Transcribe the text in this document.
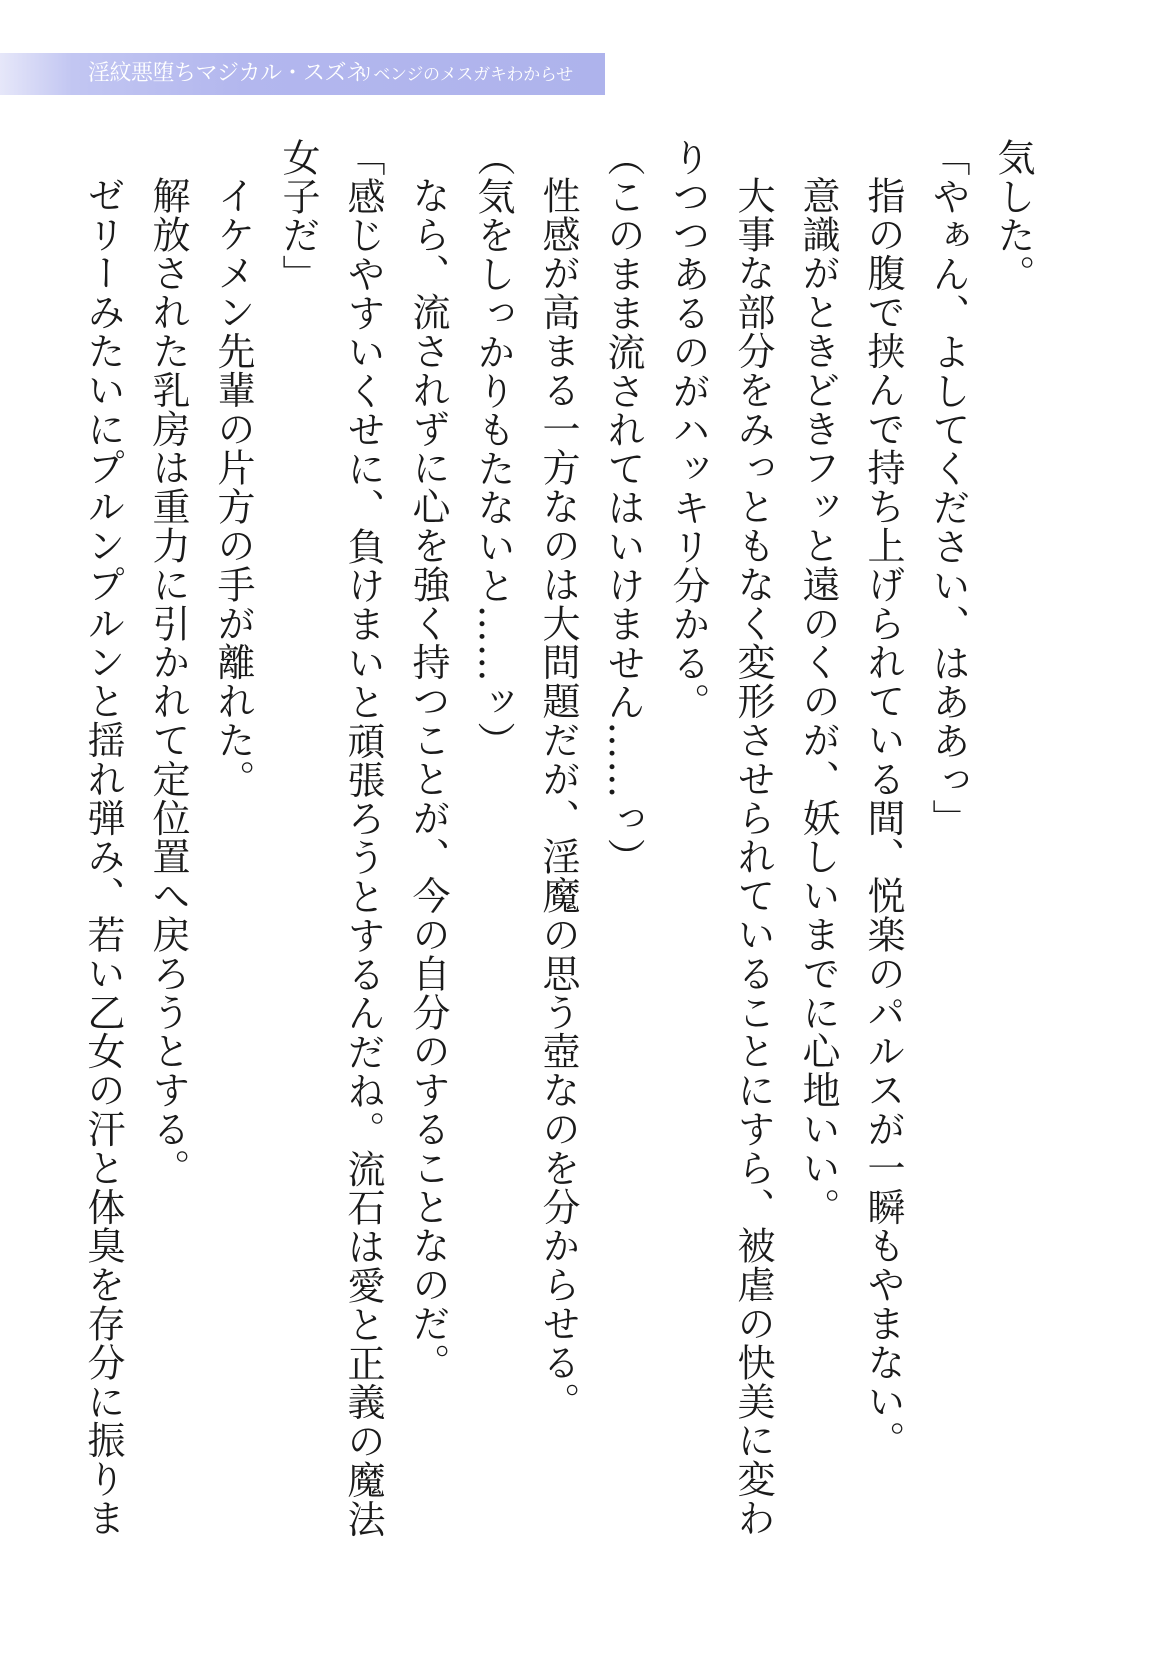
淫紋悪堕ちマジカル・スズネ
リベンジのメスガキわからせ

気した。

「やぁん、よしてください、はああっ」

指の腹で挟んで持ち上げられている間、悦楽のパルスが一瞬もやまない。

意識がときどきフッと遠のくのが、妖しいまでに心地いい。

大事な部分をみっともなく変形させられていることにすら、被虐の快美に変わ

りつつあるのがハッキリ分かる。

（このまま流されてはいけません……っ）

性感が高まる一方なのは大問題だが、淫魔の思う壺なのを分からせる。

（気をしっかりもたないと……ッ）

なら、流されずに心を強く持つことが、今の自分のすることなのだ。

「感じやすいくせに、負けまいと頑張ろうとするんだね。流石は愛と正義の魔法

女子だ」

イケメン先輩の片方の手が離れた。

解放された乳房は重力に引かれて定位置へ戻ろうとする。

ゼリーみたいにプルンプルンと揺れ弾み、若い乙女の汗と体臭を存分に振りま
